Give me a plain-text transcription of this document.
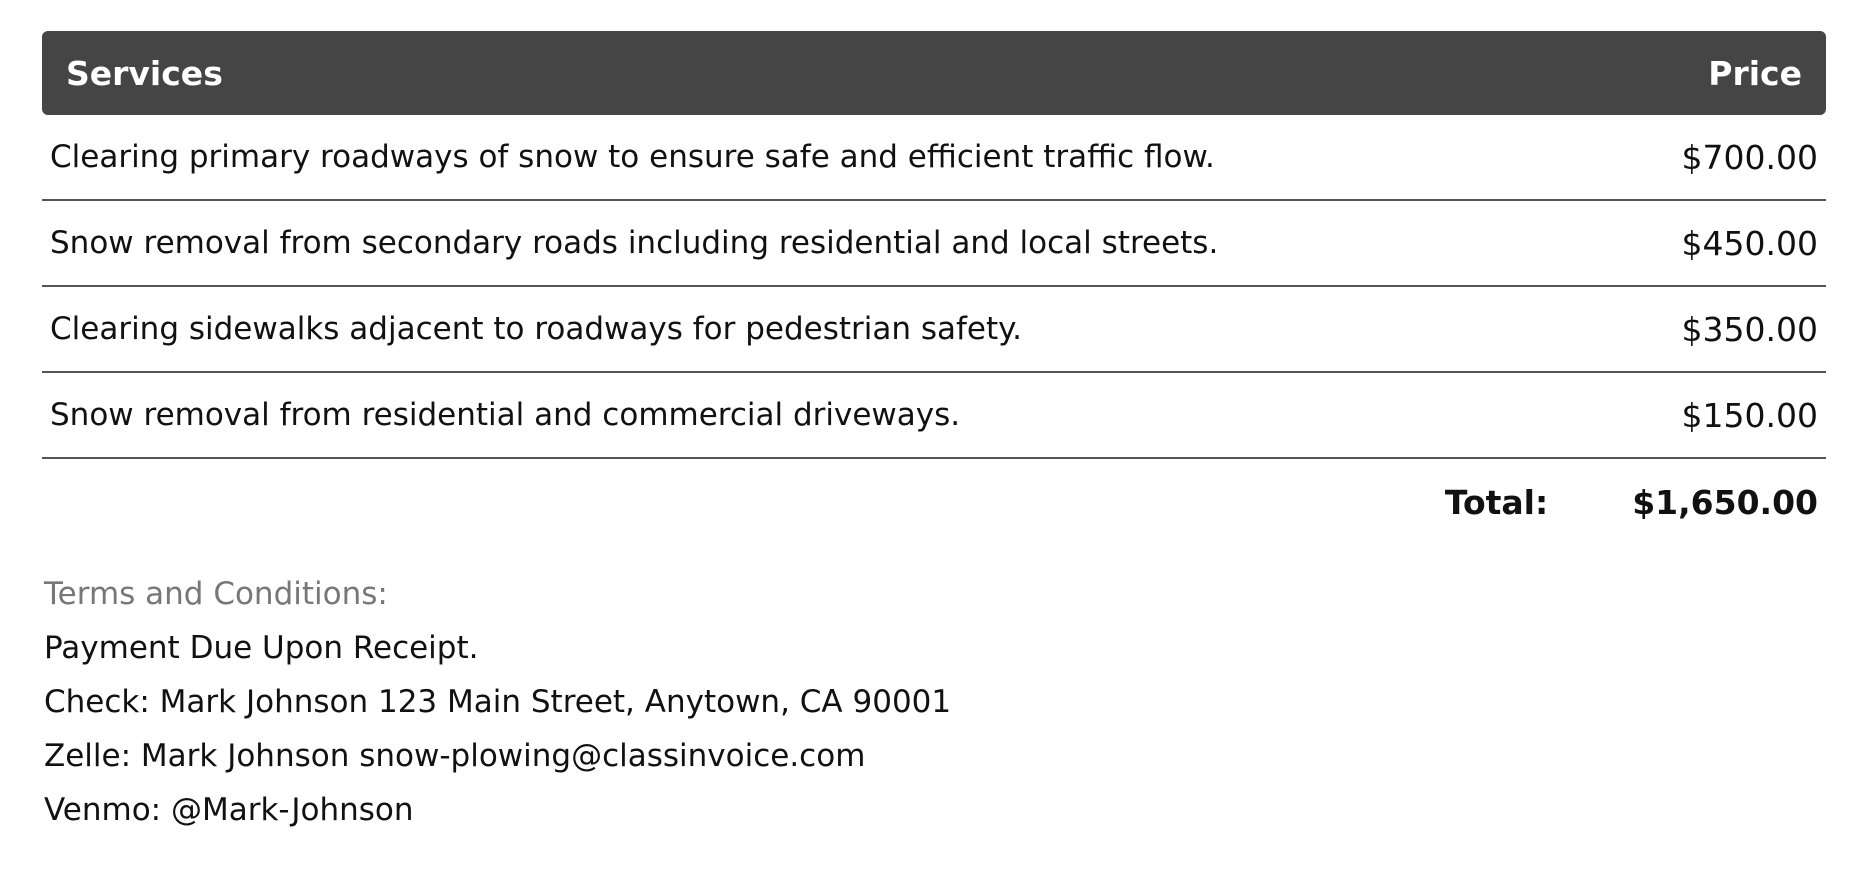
Services	Price
Clearing primary roadways of snow to ensure safe and efficient traffic flow.	$700.00
Snow removal from secondary roads including residential and local streets.	$450.00
Clearing sidewalks adjacent to roadways for pedestrian safety.	$350.00
Snow removal from residential and commercial driveways.	$150.00
Total:	$1,650.00
Terms and Conditions:
Payment Due Upon Receipt.
Check: Mark Johnson 123 Main Street, Anytown, CA 90001
Zelle: Mark Johnson snow-plowing@classinvoice.com
Venmo: @Mark-Johnson
